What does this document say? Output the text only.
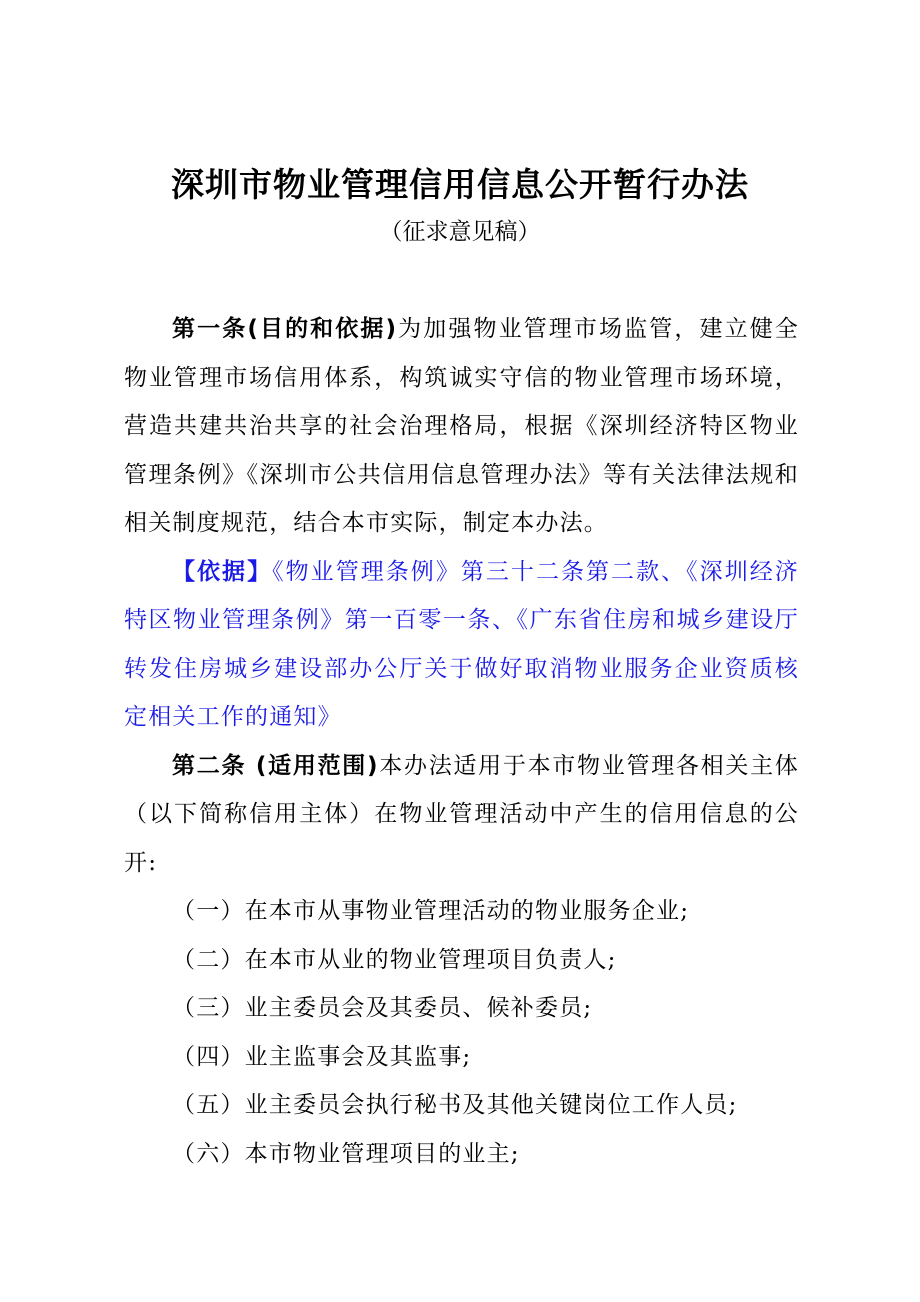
深圳市物业管理信用信息公开暂行办法
（征求意见稿）

第一条(目的和依据)为加强物业管理市场监管，建立健全物业管理市场信用体系，构筑诚实守信的物业管理市场环境，营造共建共治共享的社会治理格局，根据《深圳经济特区物业管理条例》《深圳市公共信用信息管理办法》等有关法律法规和相关制度规范，结合本市实际，制定本办法。

【依据】《物业管理条例》第三十二条第二款、《深圳经济特区物业管理条例》第一百零一条、《广东省住房和城乡建设厅转发住房城乡建设部办公厅关于做好取消物业服务企业资质核定相关工作的通知》

第二条 (适用范围)本办法适用于本市物业管理各相关主体（以下简称信用主体）在物业管理活动中产生的信用信息的公开:

（一）在本市从事物业管理活动的物业服务企业;

（二）在本市从业的物业管理项目负责人;

（三）业主委员会及其委员、候补委员;

（四）业主监事会及其监事;

（五）业主委员会执行秘书及其他关键岗位工作人员;

（六）本市物业管理项目的业主;
